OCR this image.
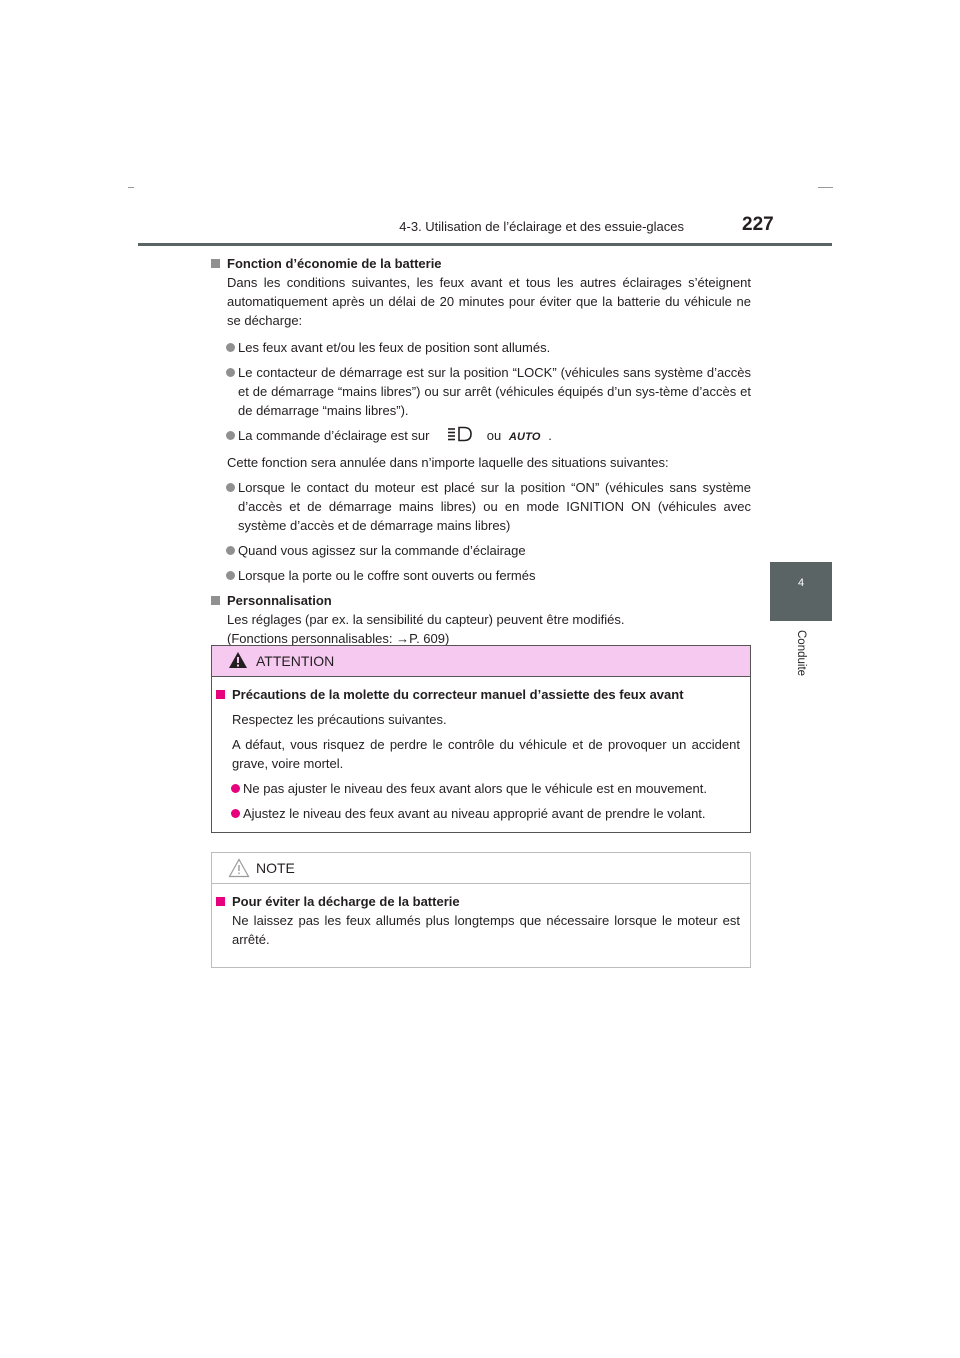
4-3. Utilisation de l’éclairage et des essuie-glaces	227
4
Conduite
Fonction d’économie de la batterie
Dans les conditions suivantes, les feux avant et tous les autres éclairages s’éteignent automatiquement après un délai de 20 minutes pour éviter que la batterie du véhicule ne se décharge:
Les feux avant et/ou les feux de position sont allumés.
Le contacteur de démarrage est sur la position “LOCK” (véhicules sans système d’accès et de démarrage “mains libres”) ou sur arrêt (véhicules équipés d’un sys-tème d’accès et de démarrage “mains libres”).
La commande d’éclairage est sur	ou AUTO .
Cette fonction sera annulée dans n’importe laquelle des situations suivantes:
Lorsque le contact du moteur est placé sur la position “ON” (véhicules sans système d’accès et de démarrage mains libres) ou en mode IGNITION ON (véhicules avec système d’accès et de démarrage mains libres)
Quand vous agissez sur la commande d’éclairage
Lorsque la porte ou le coffre sont ouverts ou fermés
Personnalisation
Les réglages (par ex. la sensibilité du capteur) peuvent être modifiés.
(Fonctions personnalisables: →P. 609)
ATTENTION
Précautions de la molette du correcteur manuel d’assiette des feux avant
Respectez les précautions suivantes.
A défaut, vous risquez de perdre le contrôle du véhicule et de provoquer un accident grave, voire mortel.
Ne pas ajuster le niveau des feux avant alors que le véhicule est en mouvement.
Ajustez le niveau des feux avant au niveau approprié avant de prendre le volant.
NOTE
Pour éviter la décharge de la batterie
Ne laissez pas les feux allumés plus longtemps que nécessaire lorsque le moteur est arrêté.
